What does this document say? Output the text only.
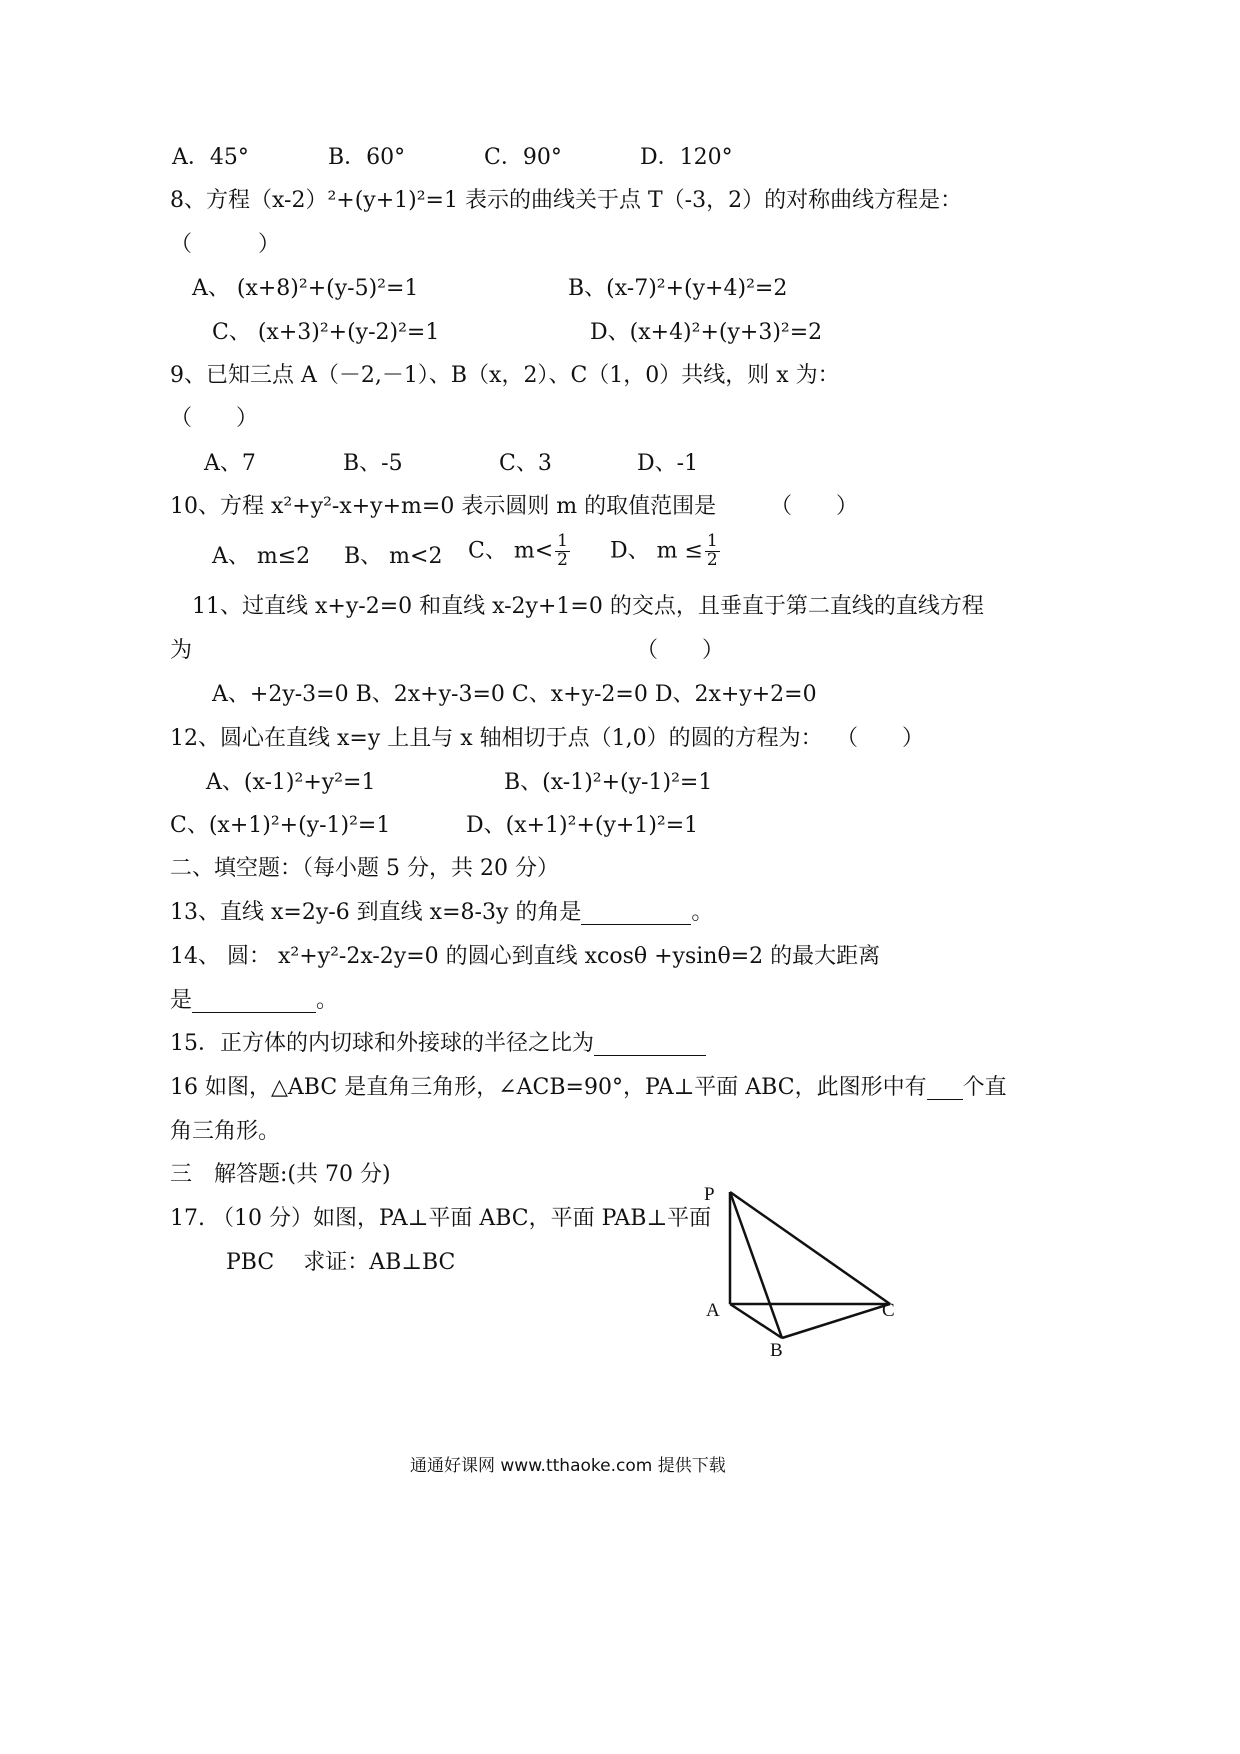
A．45°	B．60°	C．90°	D．120°
8、方程（x-2）²+(y+1)²=1 表示的曲线关于点 T（-3，2）的对称曲线方程是：
（　　　）
A、 (x+8)²+(y-5)²=1	B、(x-7)²+(y+4)²=2
C、 (x+3)²+(y-2)²=1	D、(x+4)²+(y+3)²=2
9、已知三点 A（－2,－1）、B（x，2）、C（1，0）共线，则 x 为：
（　　）
A、7	B、-5	C、3	D、-1
10、方程 x²+y²-x+y+m=0 表示圆则 m 的取值范围是 （　　）
A、 m≤2 B、 m<2 C、 $m< \frac{1}{2}$ D、 $m \le \frac{1}{2}$
11、过直线 x+y-2=0 和直线 x-2y+1=0 的交点，且垂直于第二直线的直线方程
为	（　　）
A、+2y-3=0 B、2x+y-3=0 C、x+y-2=0 D、2x+y+2=0
12、圆心在直线 x=y 上且与 x 轴相切于点（1,0）的圆的方程为： （　　）
A、(x-1)²+y²=1	B、(x-1)²+(y-1)²=1
C、(x+1)²+(y-1)²=1	D、(x+1)²+(y+1)²=1
二、填空题：（每小题 5 分，共 20 分）
13、直线 x=2y-6 到直线 x=8-3y 的角是	。
14、 圆： x²+y²-2x-2y=0 的圆心到直线 xcosθ +ysinθ=2 的最大距离
是	。
15．正方体的内切球和外接球的半径之比为
16 如图，△ABC 是直角三角形，∠ACB=90°，PA⊥平面 ABC，此图形中有 个直
角三角形。
三　解答题:(共 70 分)
17. （10 分）如图，PA⊥平面 ABC，平面 PAB⊥平面
PBC　 求证：AB⊥BC
P
A
B
C
通通好课网 www.tthaoke.com 提供下载
